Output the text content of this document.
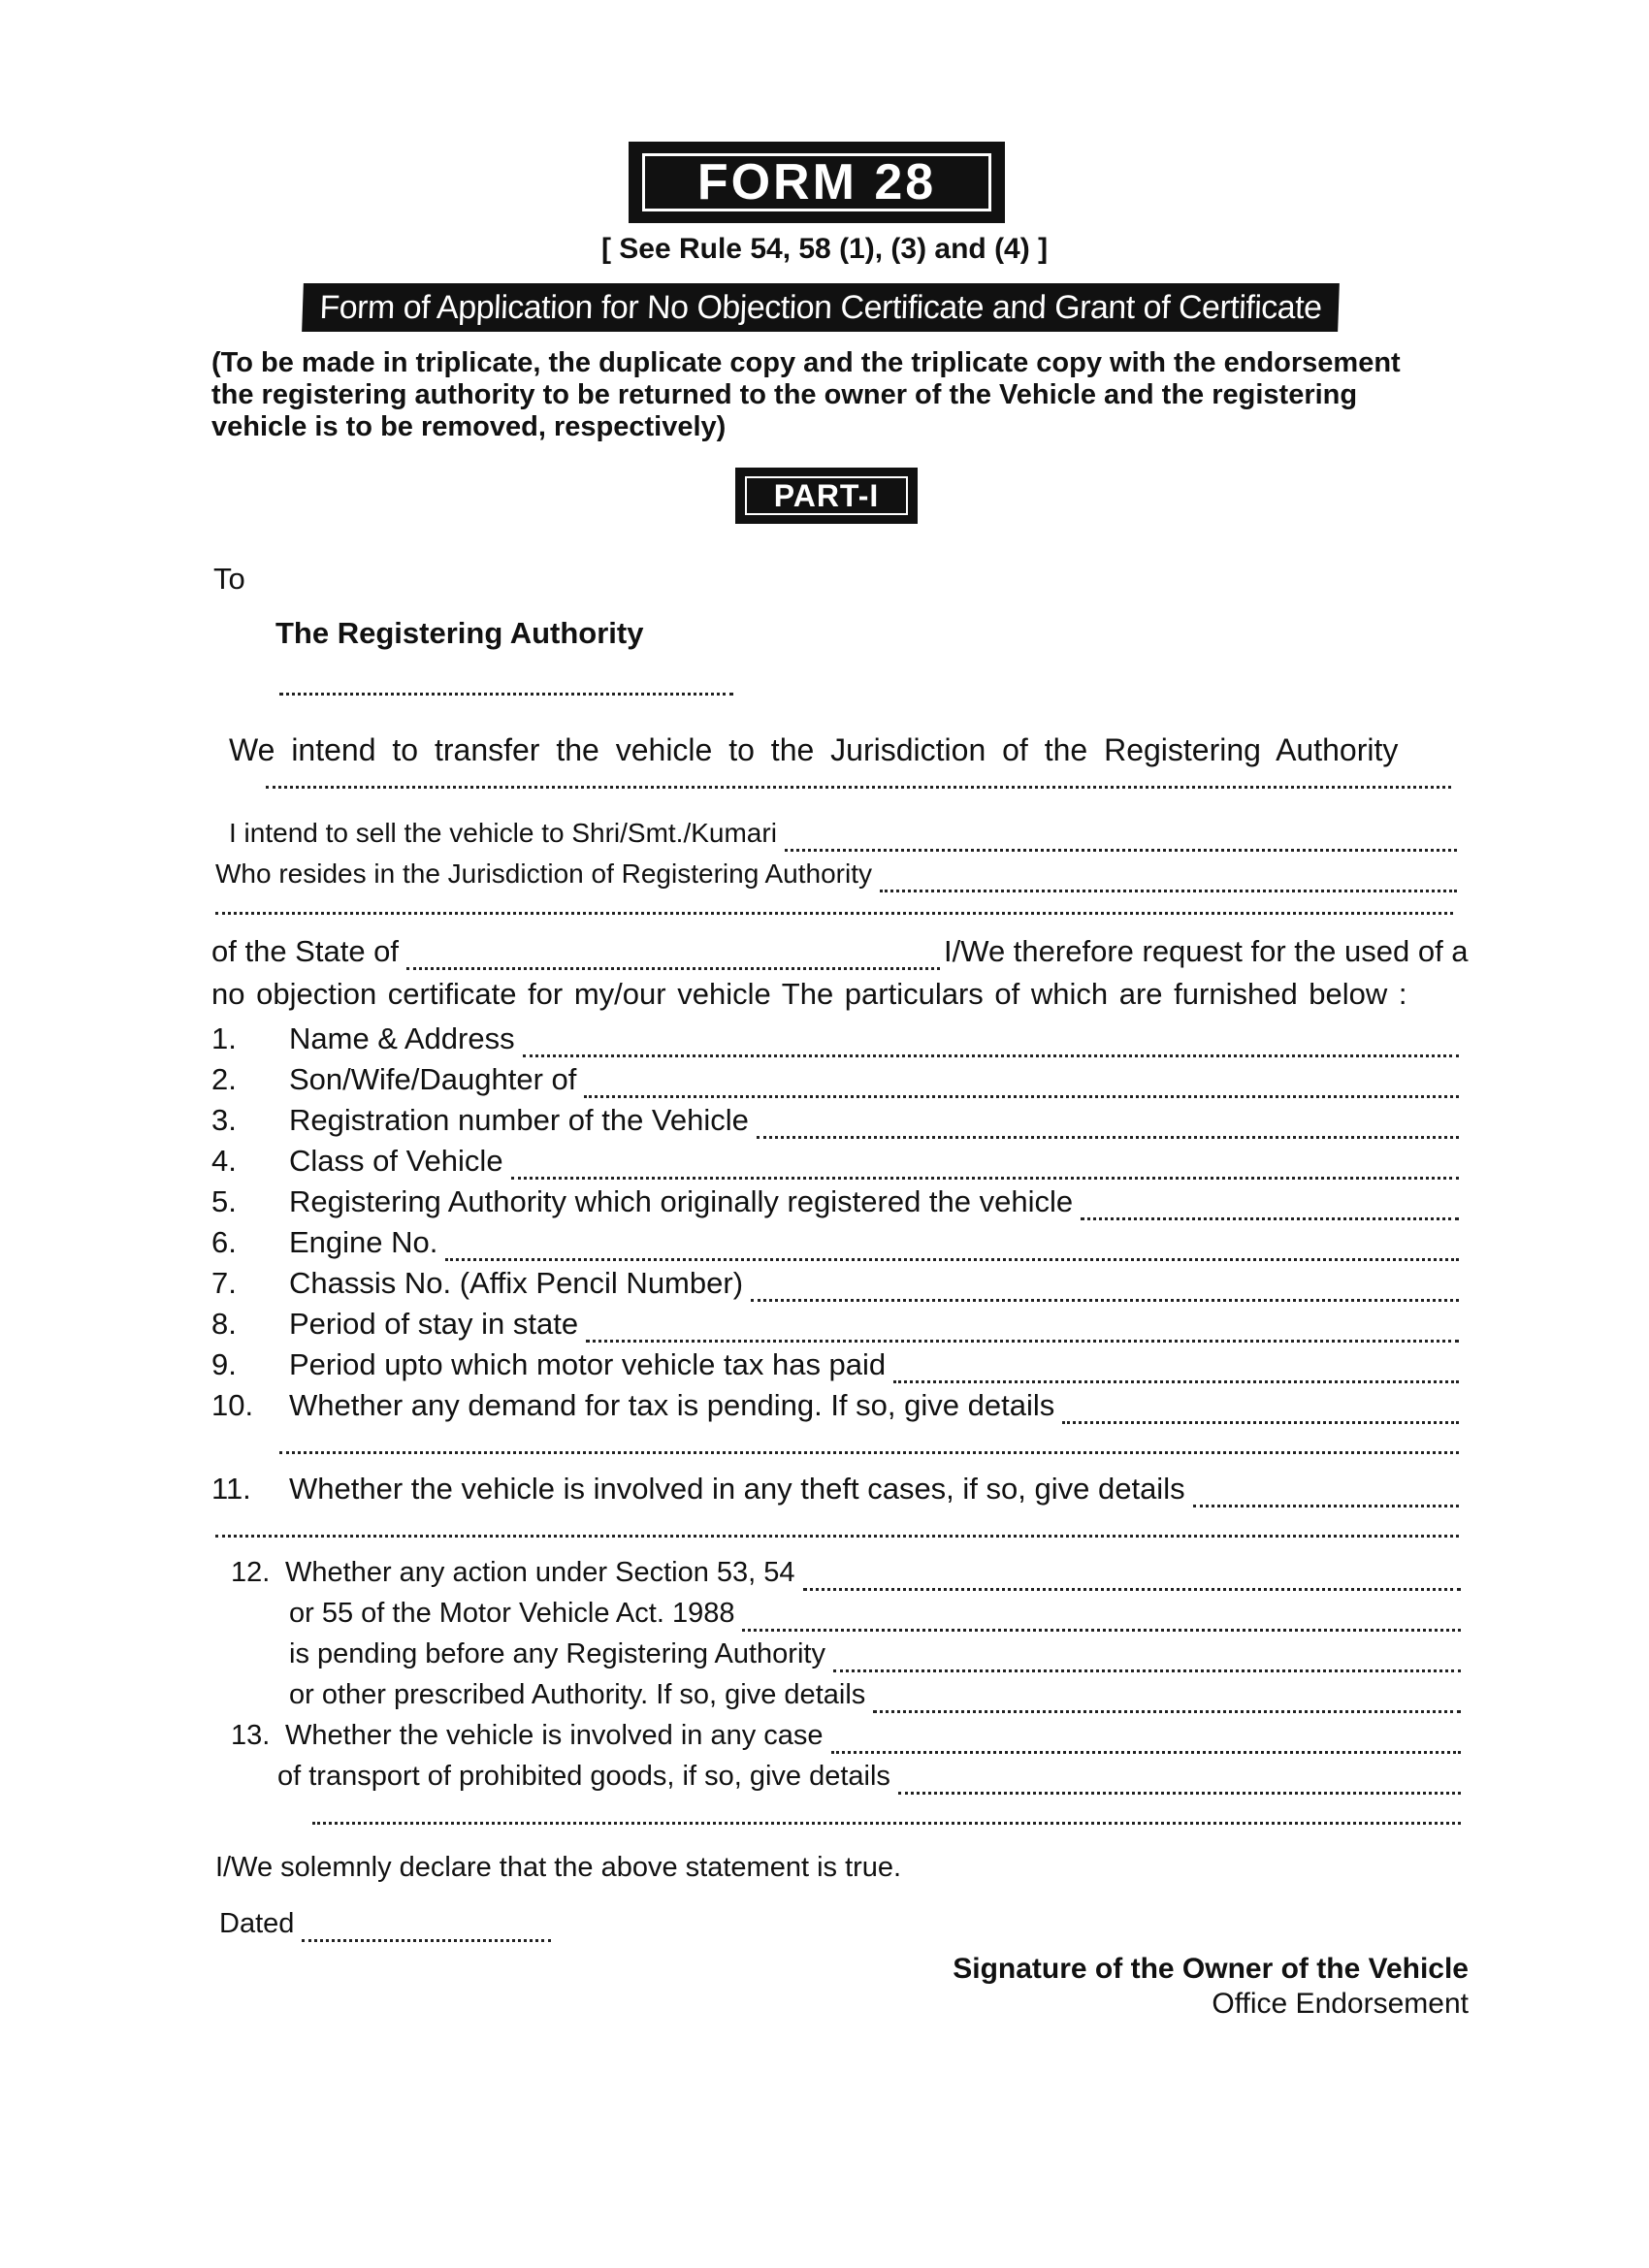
FORM 28
[ See Rule 54, 58 (1), (3) and (4) ]
Form of Application for No Objection Certificate and Grant of Certificate
(To be made in triplicate, the duplicate copy and the triplicate copy with the endorsement the registering authority to be returned to the owner of the Vehicle and the registering vehicle is to be removed, respectively)
PART-I
To
The Registering Authority
We intend to transfer the vehicle to the Jurisdiction of the Registering Authority
I intend to sell the vehicle to Shri/Smt./Kumari
Who resides in the Jurisdiction of Registering Authority
of the State of	I/We therefore request for the used of a
no objection certificate for my/our vehicle The particulars of which are furnished below :
1.	Name & Address
2.	Son/Wife/Daughter of
3.	Registration number of the Vehicle
4.	Class of Vehicle
5.	Registering Authority which originally registered the vehicle
6.	Engine No.
7.	Chassis No. (Affix Pencil Number)
8.	Period of stay in state
9.	Period upto which motor vehicle tax has paid
10.	Whether any demand for tax is pending. If so, give details
11.	Whether the vehicle is involved in any theft cases, if so, give details
12. Whether any action under Section 53, 54
or 55 of the Motor Vehicle Act. 1988
is pending before any Registering Authority
or other prescribed Authority. If so, give details
13. Whether the vehicle is involved in any case
of transport of prohibited goods, if so, give details
I/We solemnly declare that the above statement is true.
Dated
Signature of the Owner of the Vehicle
Office Endorsement
